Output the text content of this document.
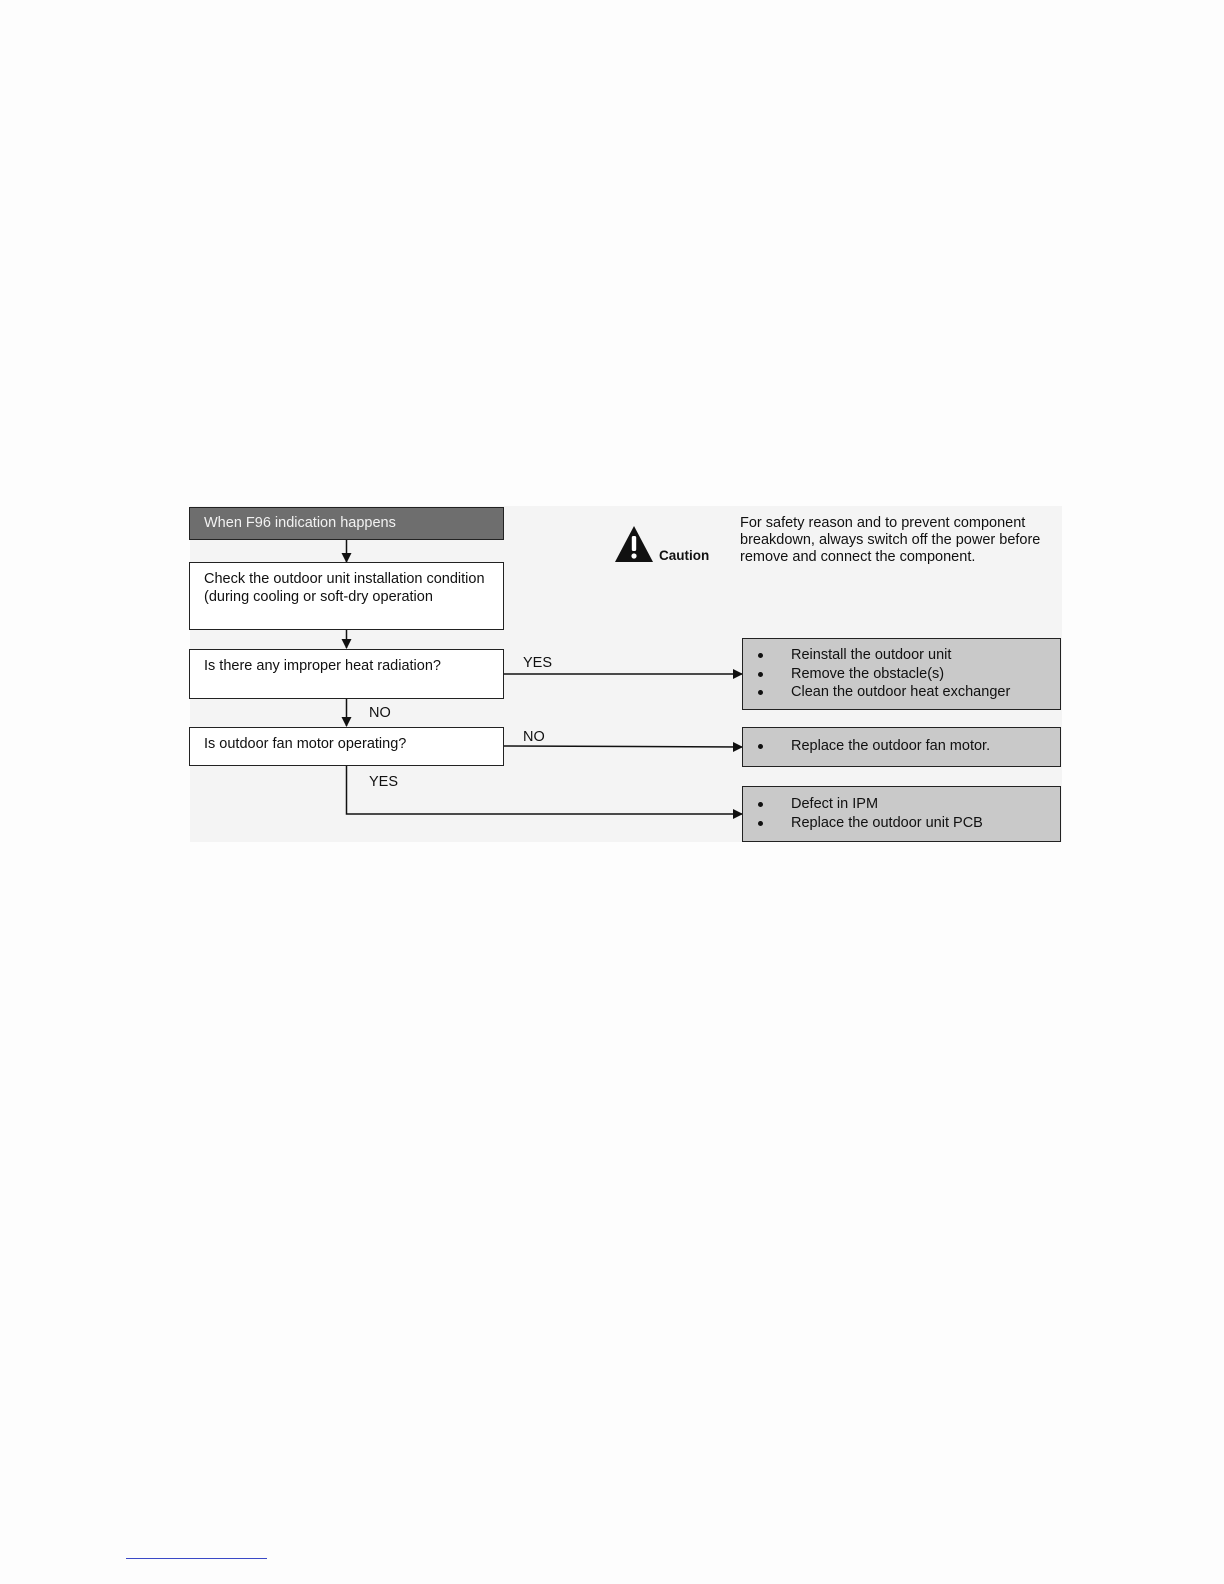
When F96 indication happens
Caution
For safety reason and to prevent component breakdown, always switch off the power before remove and connect the component.
Check the outdoor unit installation condition (during cooling or soft-dry operation
Is there any improper heat radiation?
Is outdoor fan motor operating?
YES
NO
NO
YES
Reinstall the outdoor unit
Remove the obstacle(s)
Clean the outdoor heat exchanger
Replace the outdoor fan motor.
Defect in IPM
Replace the outdoor unit PCB
